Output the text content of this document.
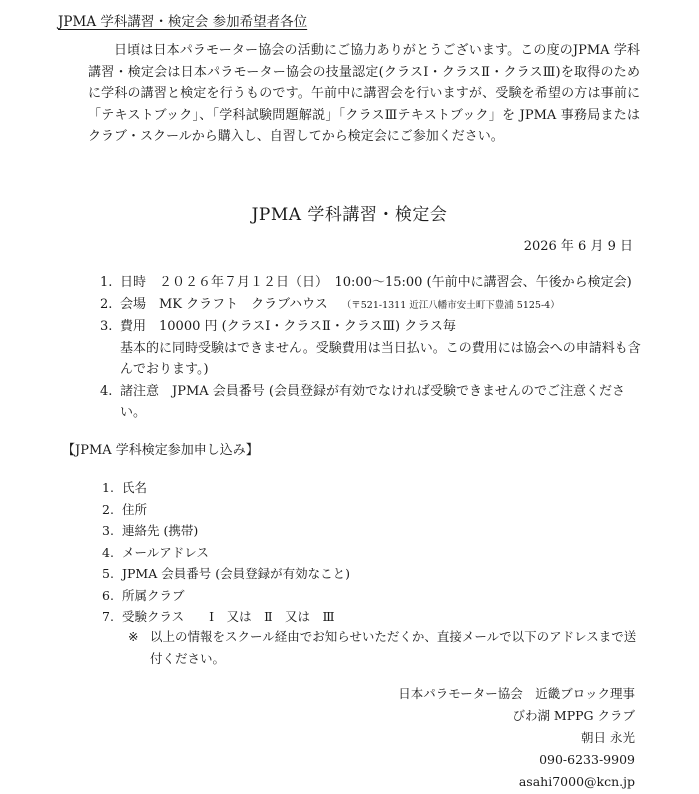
JPMA 学科講習・検定会 参加希望者各位

日頃は日本パラモーター協会の活動にご協力ありがとうございます。この度のJPMA 学科講習・検定会は日本パラモーター協会の技量認定(クラスⅠ・クラスⅡ・クラスⅢ)を取得のために学科の講習と検定を行うものです。午前中に講習会を行いますが、受験を希望の方は事前に「テキストブック」、「学科試験問題解説」「クラスⅢテキストブック」を JPMA 事務局またはクラブ・スクールから購入し、自習してから検定会にご参加ください。

JPMA 学科講習・検定会
2026 年 6 月 9 日
1. 日時　２０２６年７月１２日（日）　10:00～15:00 (午前中に講習会、午後から検定会)
2. 会場　MK クラフト　クラブハウス （〒521-1311 近江八幡市安土町下豊浦 5125-4）
3. 費用　10000 円 (クラスⅠ・クラスⅡ・クラスⅢ) クラス毎
基本的に同時受験はできません。受験費用は当日払い。この費用には協会への申請料も含んでおります。)
4. 諸注意　JPMA 会員番号 (会員登録が有効でなければ受験できませんのでご注意ください。
【JPMA 学科検定参加申し込み】
1. 氏名
2. 住所
3. 連絡先 (携帯)
4. メールアドレス
5. JPMA 会員番号 (会員登録が有効なこと)
6. 所属クラブ
7. 受験クラス　　Ⅰ　又は　Ⅱ　又は　Ⅲ
※ 以上の情報をスクール経由でお知らせいただくか、直接メールで以下のアドレスまで送付ください。
日本パラモーター協会　近畿ブロック理事
びわ湖 MPPG クラブ
朝日 永光
090-6233-9909
asahi7000@kcn.jp
